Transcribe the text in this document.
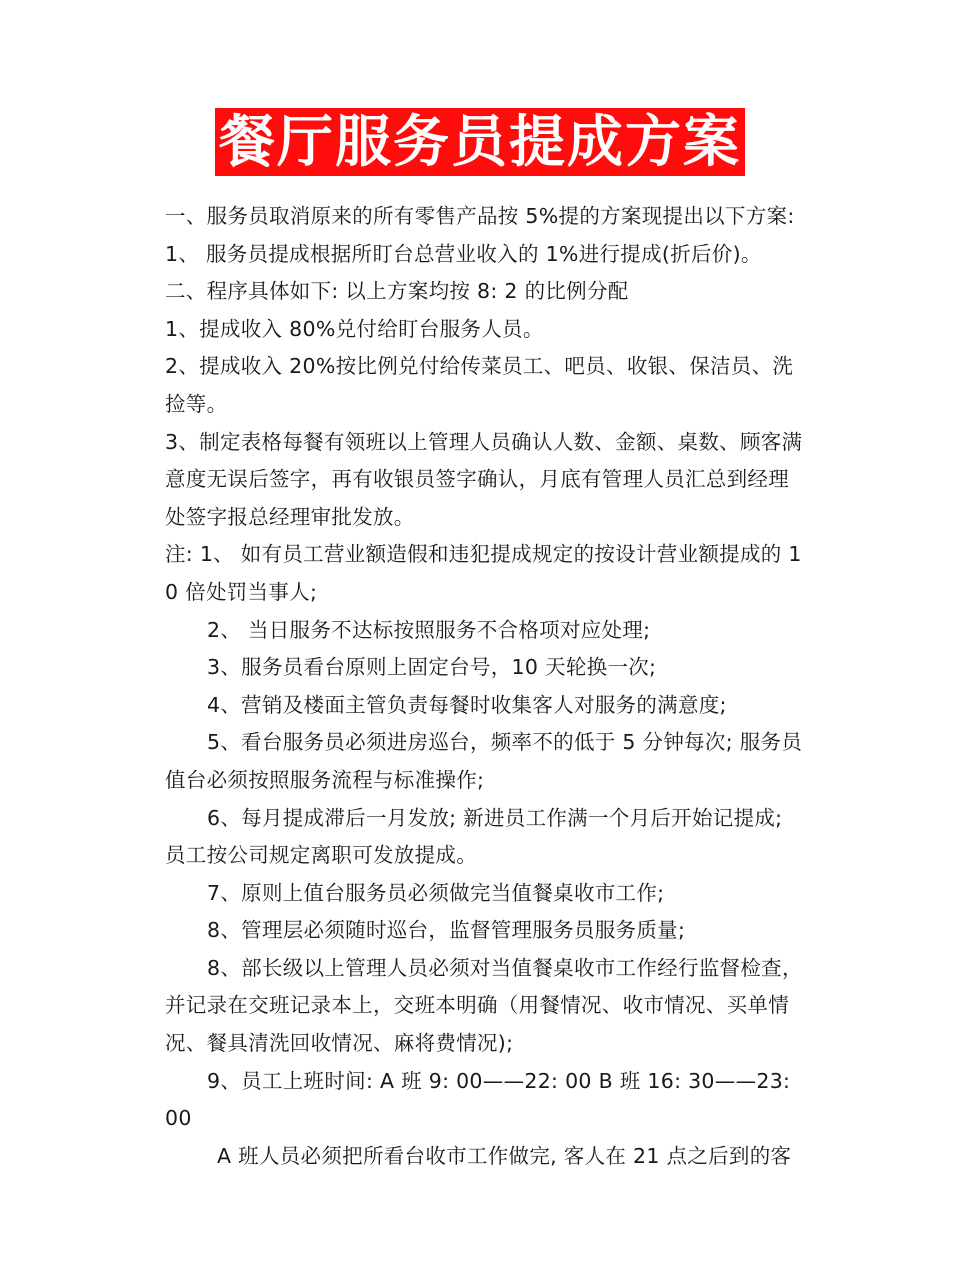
餐厅服务员提成方案

一、服务员取消原来的所有零售产品按 5%提的方案现提出以下方案:

1、 服务员提成根据所盯台总营业收入的 1%进行提成(折后价)。

二、程序具体如下: 以上方案均按 8: 2 的比例分配

1、提成收入 80%兑付给盯台服务人员。

2、提成收入 20%按比例兑付给传菜员工、吧员、收银、保洁员、洗捡等。

3、制定表格每餐有领班以上管理人员确认人数、金额、桌数、顾客满意度无误后签字，再有收银员签字确认，月底有管理人员汇总到经理处签字报总经理审批发放。

注: 1、 如有员工营业额造假和违犯提成规定的按设计营业额提成的 10 倍处罚当事人;

2、 当日服务不达标按照服务不合格项对应处理;

3、服务员看台原则上固定台号，10 天轮换一次;

4、营销及楼面主管负责每餐时收集客人对服务的满意度;

5、看台服务员必须进房巡台，频率不的低于 5 分钟每次; 服务员值台必须按照服务流程与标准操作;

6、每月提成滞后一月发放; 新进员工作满一个月后开始记提成; 员工按公司规定离职可发放提成。

7、原则上值台服务员必须做完当值餐桌收市工作;

8、管理层必须随时巡台，监督管理服务员服务质量;

8、部长级以上管理人员必须对当值餐桌收市工作经行监督检查，并记录在交班记录本上，交班本明确（用餐情况、收市情况、买单情况、餐具清洗回收情况、麻将费情况);

9、员工上班时间: A 班 9: 00——22: 00 B 班 16: 30——23: 00

A 班人员必须把所看台收市工作做完, 客人在 21 点之后到的客
